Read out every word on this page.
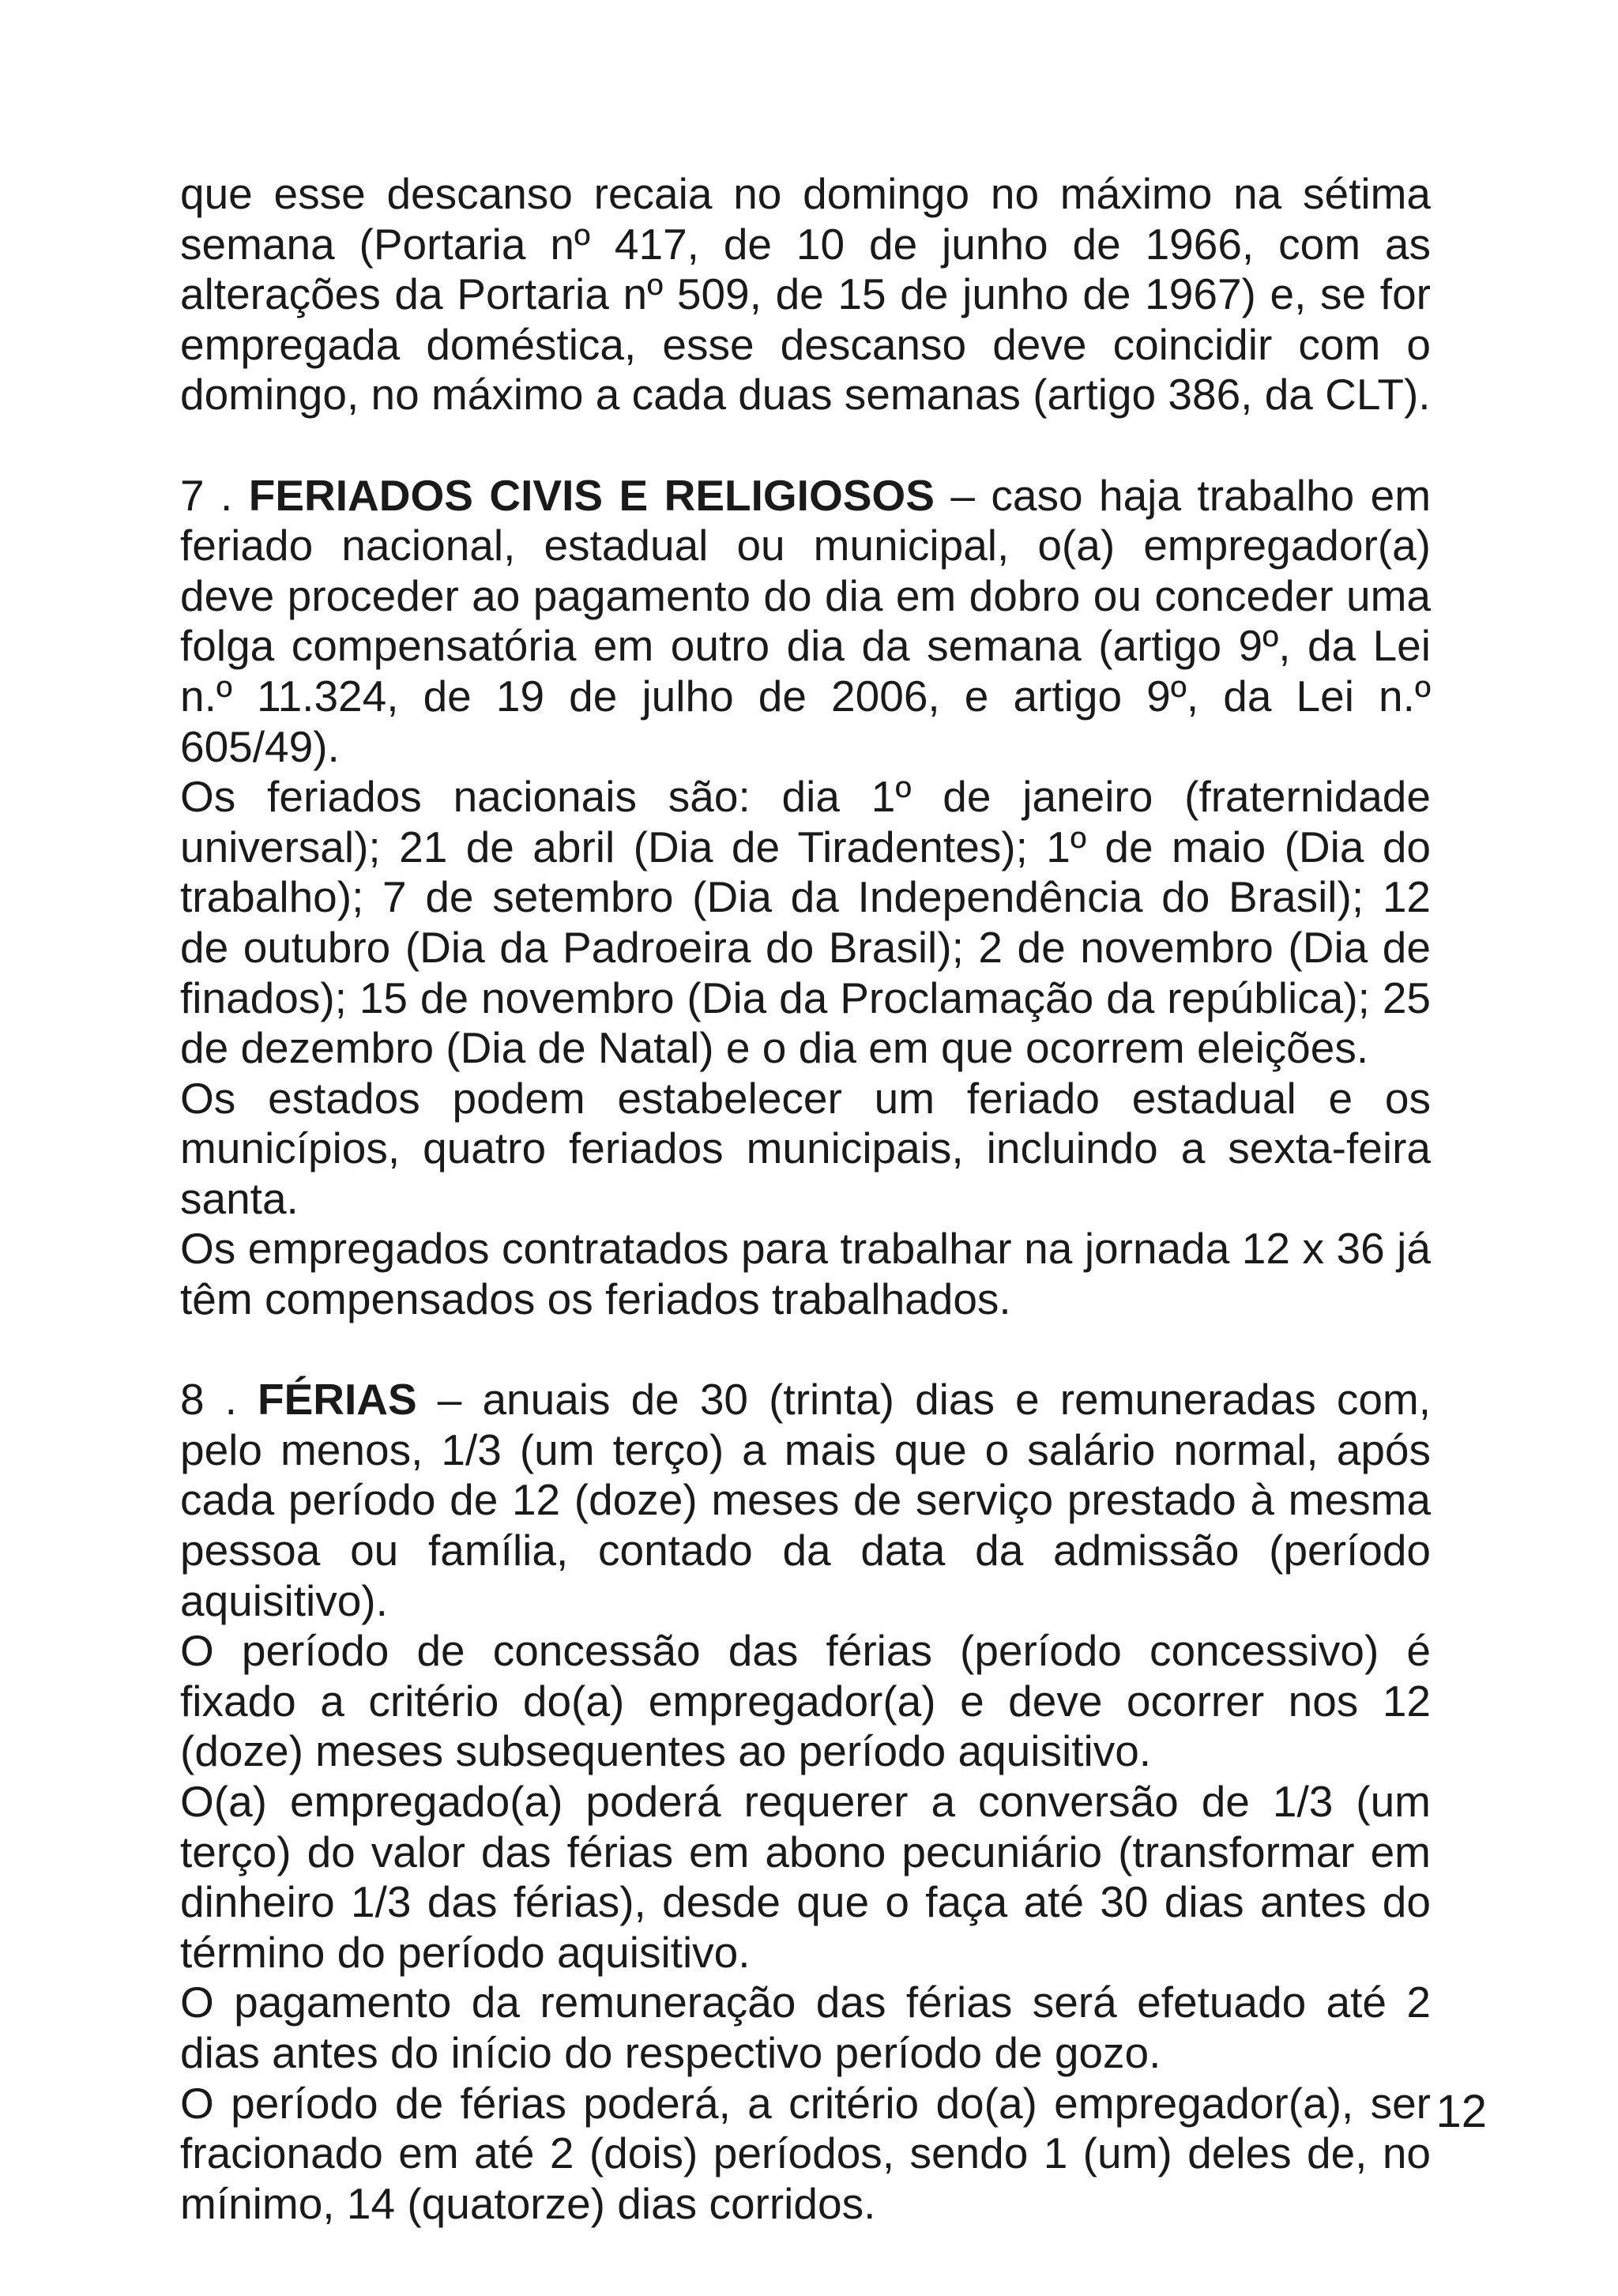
que esse descanso recaia no domingo no máximo na sétima semana (Portaria nº 417, de 10 de junho de 1966, com as alterações da Portaria nº 509, de 15 de junho de 1967) e, se for empregada doméstica, esse descanso deve coincidir com o domingo, no máximo a cada duas semanas (artigo 386, da CLT).

7 . FERIADOS CIVIS E RELIGIOSOS – caso haja trabalho em feriado nacional, estadual ou municipal, o(a) empregador(a) deve proceder ao pagamento do dia em dobro ou conceder uma folga compensatória em outro dia da semana (artigo 9º, da Lei n.º 11.324, de 19 de julho de 2006, e artigo 9º, da Lei n.º 605/49).

Os feriados nacionais são: dia 1º de janeiro (fraternidade universal); 21 de abril (Dia de Tiradentes); 1º de maio (Dia do trabalho); 7 de setembro (Dia da Independência do Brasil); 12 de outubro (Dia da Padroeira do Brasil); 2 de novembro (Dia de finados); 15 de novembro (Dia da Proclamação da república); 25 de dezembro (Dia de Natal) e o dia em que ocorrem eleições.

Os estados podem estabelecer um feriado estadual e os municípios, quatro feriados municipais, incluindo a sexta-feira santa.

Os empregados contratados para trabalhar na jornada 12 x 36 já têm compensados os feriados trabalhados.

8 . FÉRIAS – anuais de 30 (trinta) dias e remuneradas com, pelo menos, 1/3 (um terço) a mais que o salário normal, após cada período de 12 (doze) meses de serviço prestado à mesma pessoa ou família, contado da data da admissão (período aquisitivo).

O período de concessão das férias (período concessivo) é fixado a critério do(a) empregador(a) e deve ocorrer nos 12 (doze) meses subsequentes ao período aquisitivo.

O(a) empregado(a) poderá requerer a conversão de 1/3 (um terço) do valor das férias em abono pecuniário (transformar em dinheiro 1/3 das férias), desde que o faça até 30 dias antes do término do período aquisitivo.

O pagamento da remuneração das férias será efetuado até 2 dias antes do início do respectivo período de gozo.

O período de férias poderá, a critério do(a) empregador(a), ser fracionado em até 2 (dois) períodos, sendo 1 (um) deles de, no mínimo, 14 (quatorze) dias corridos.

12
